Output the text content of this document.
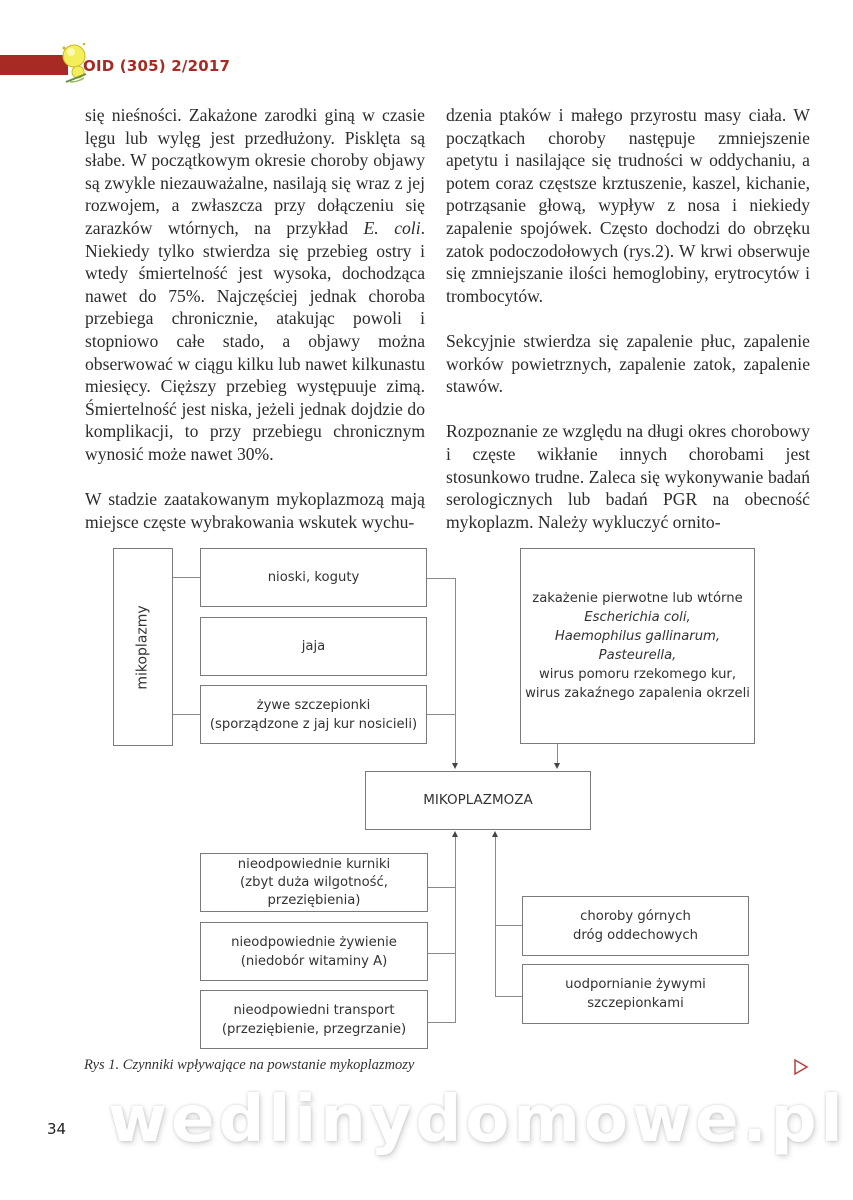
OID (305) 2/2017

się nieśności. Zakażone zarodki giną w czasie lęgu lub wylęg jest przedłużony. Pisklęta są słabe. W początkowym okresie choroby objawy są zwykle niezauważalne, nasilają się wraz z jej rozwojem, a zwłaszcza przy dołączeniu się zarazków wtórnych, na przykład E. coli. Niekiedy tylko stwierdza się przebieg ostry i wtedy śmiertelność jest wysoka, dochodząca nawet do 75%. Najczęściej jednak choroba przebiega chronicznie, atakując powoli i stopniowo całe stado, a objawy można obserwować w ciągu kilku lub nawet kilkunastu miesięcy. Cięższy przebieg występuuje zimą. Śmiertelność jest niska, jeżeli jednak dojdzie do komplikacji, to przy przebiegu chronicznym wynosić może nawet 30%.

W stadzie zaatakowanym mykoplazmozą mają miejsce częste wybrakowania wskutek wychu-

dzenia ptaków i małego przyrostu masy ciała. W początkach choroby następuje zmniejszenie apetytu i nasilające się trudności w oddychaniu, a potem coraz częstsze krztuszenie, kaszel, kichanie, potrząsanie głową, wypływ z nosa i niekiedy zapalenie spojówek. Często dochodzi do obrzęku zatok podoczodołowych (rys.2). W krwi obserwuje się zmniejszanie ilości hemoglobiny, erytrocytów i trombocytów.

Sekcyjnie stwierdza się zapalenie płuc, zapalenie worków powietrznych, zapalenie zatok, zapalenie stawów.

Rozpoznanie ze względu na długi okres chorobowy i częste wikłanie innych chorobami jest stosunkowo trudne. Zaleca się wykonywanie badań serologicznych lub badań PGR na obecność mykoplazm. Należy wykluczyć ornito-

mikoplazmy
nioski, koguty
jaja
żywe szczepionki
(sporządzone z jaj kur nosicieli)
zakażenie pierwotne lub wtórne
Escherichia coli,
Haemophilus gallinarum,
Pasteurella,
wirus pomoru rzekomego kur,
wirus zakaźnego zapalenia okrzeli
MIKOPLAZMOZA
nieodpowiednie kurniki
(zbyt duża wilgotność,
przeziębienia)
nieodpowiednie żywienie
(niedobór witaminy A)
nieodpowiedni transport
(przeziębienie, przegrzanie)
choroby górnych
dróg oddechowych
uodpornianie żywymi
szczepionkami
Rys 1. Czynniki wpływające na powstanie mykoplazmozy
34 wedlinydomowe.pl
